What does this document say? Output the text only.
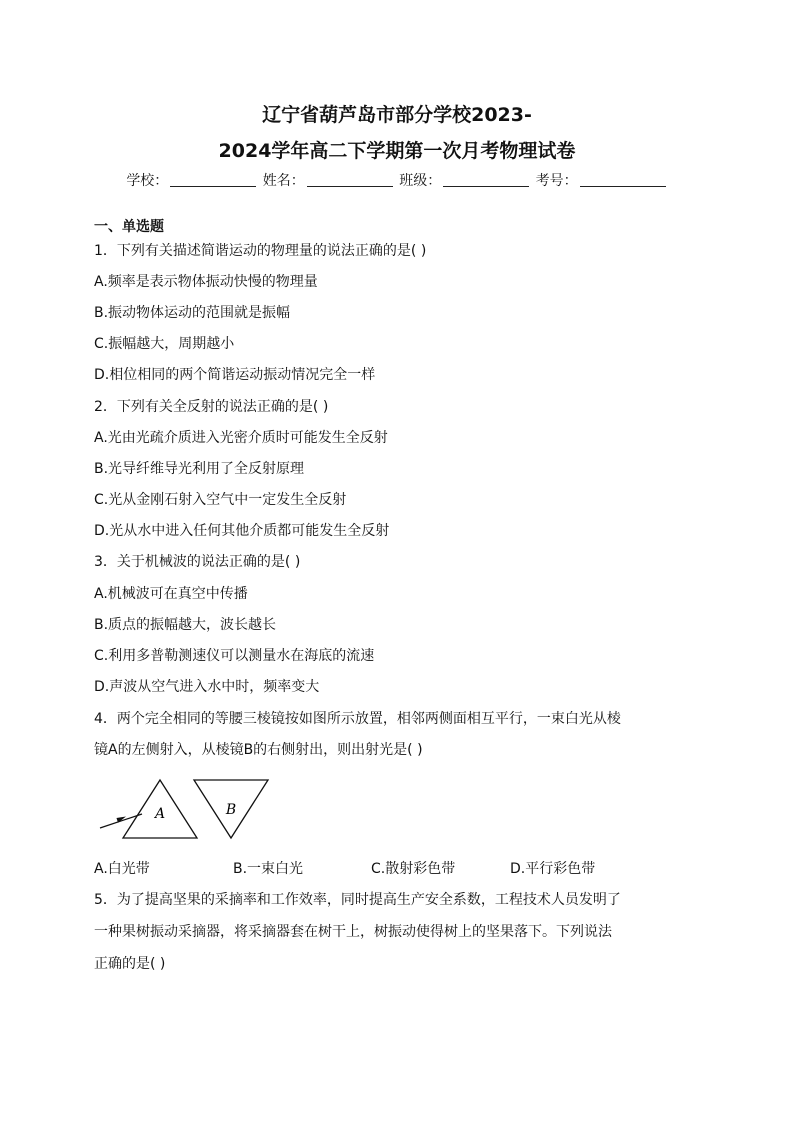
辽宁省葫芦岛市部分学校2023-
2024学年高二下学期第一次月考物理试卷
学校：	姓名：	班级：	考号：
一、单选题
1．下列有关描述简谐运动的物理量的说法正确的是( )
A.频率是表示物体振动快慢的物理量
B.振动物体运动的范围就是振幅
C.振幅越大，周期越小
D.相位相同的两个简谐运动振动情况完全一样
2．下列有关全反射的说法正确的是( )
A.光由光疏介质进入光密介质时可能发生全反射
B.光导纤维导光利用了全反射原理
C.光从金刚石射入空气中一定发生全反射
D.光从水中进入任何其他介质都可能发生全反射
3．关于机械波的说法正确的是( )
A.机械波可在真空中传播
B.质点的振幅越大，波长越长
C.利用多普勒测速仪可以测量水在海底的流速
D.声波从空气进入水中时，频率变大
4．两个完全相同的等腰三棱镜按如图所示放置，相邻两侧面相互平行，一束白光从棱
镜A的左侧射入，从棱镜B的右侧射出，则出射光是( )
A	B
A.白光带	B.一束白光	C.散射彩色带	D.平行彩色带
5．为了提高坚果的采摘率和工作效率，同时提高生产安全系数，工程技术人员发明了
一种果树振动采摘器，将采摘器套在树干上，树振动使得树上的坚果落下。下列说法
正确的是( )
